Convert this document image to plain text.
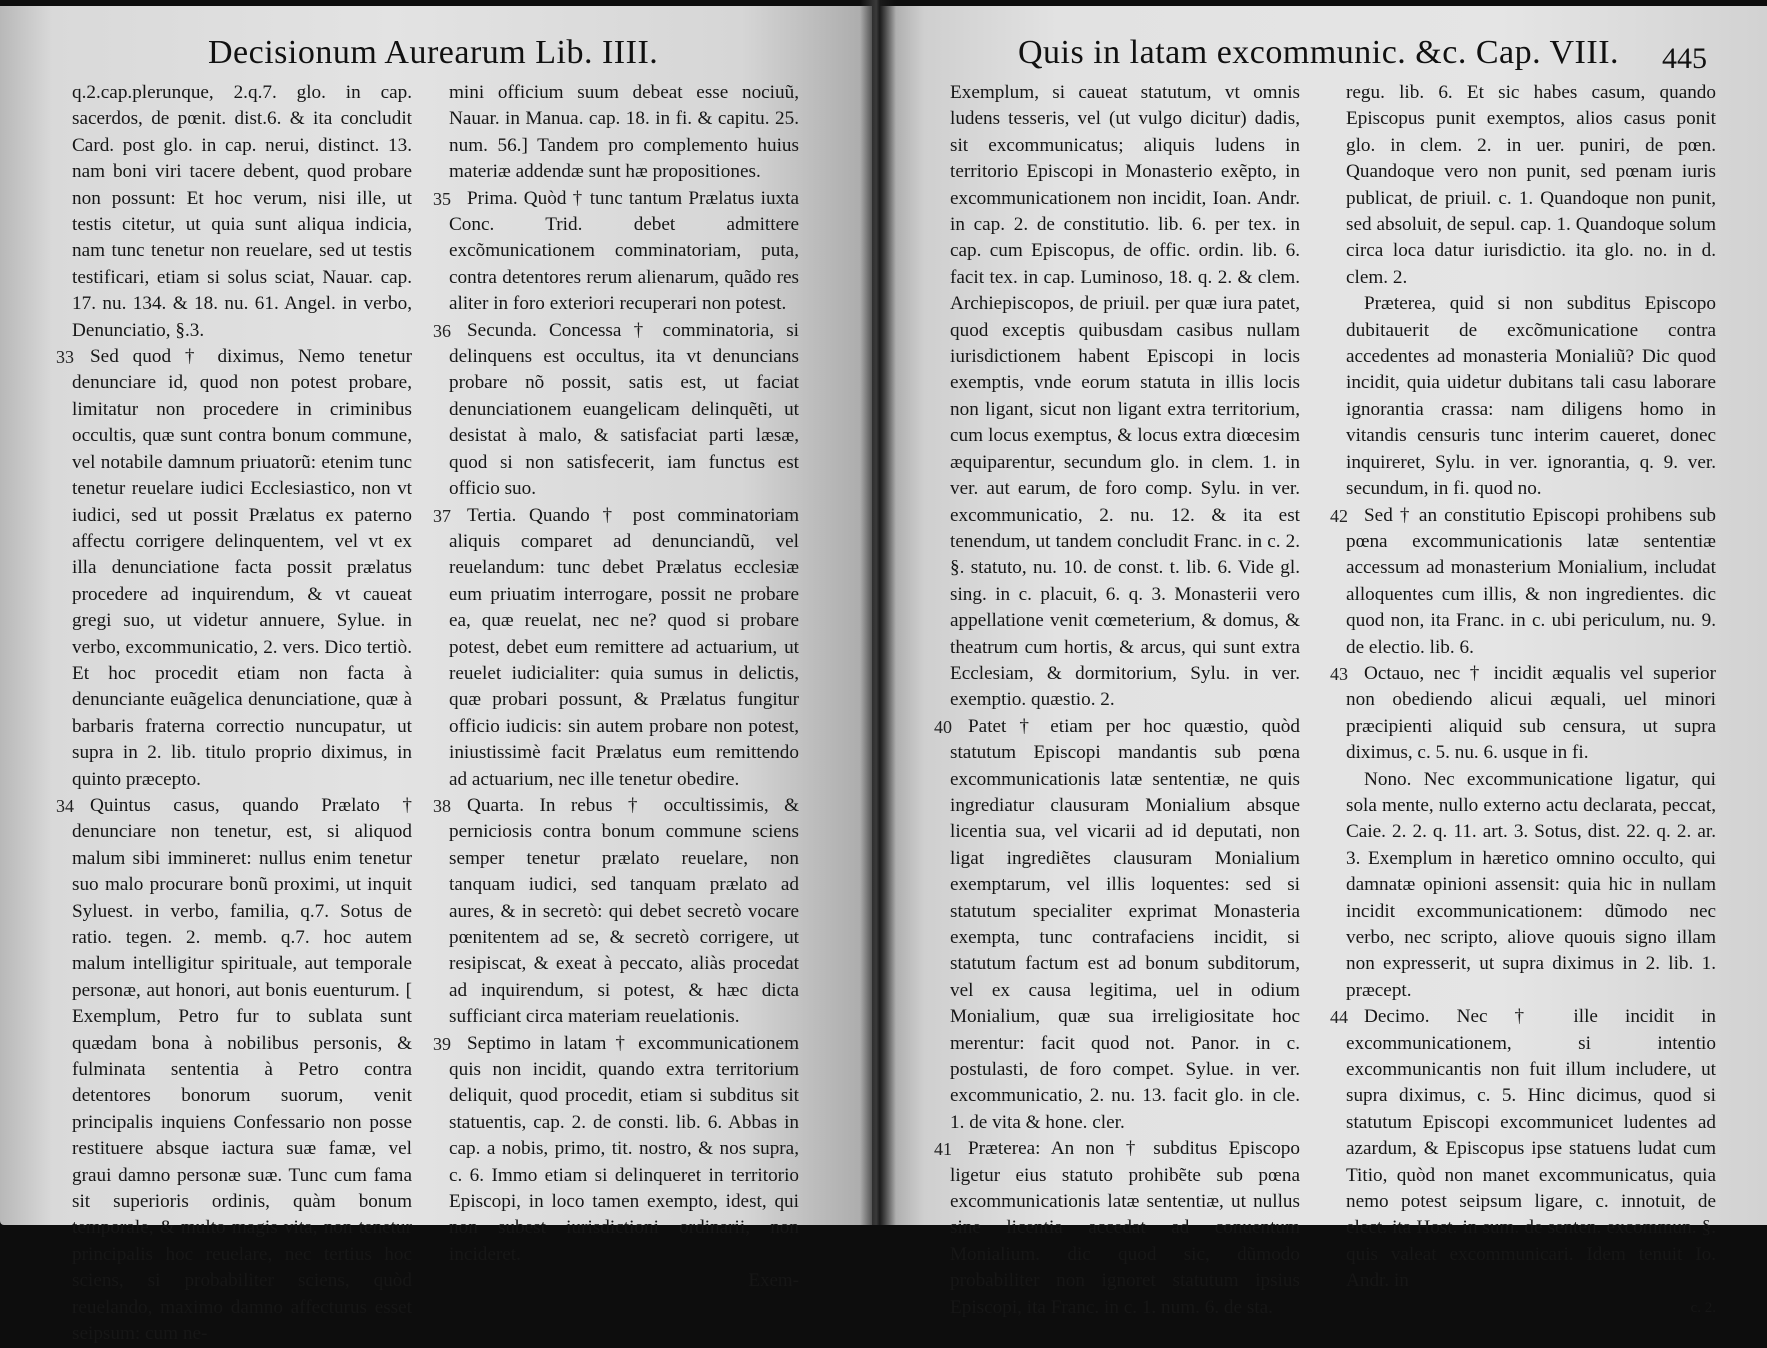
Decisionum Aurearum Lib. IIII.

q.2.cap.plerunque, 2.q.7. glo. in cap. sacerdos, de pœnit. dist.6. & ita concludit Card. post glo. in cap. nerui, distinct. 13. nam boni viri tacere debent, quod probare non possunt: Et hoc verum, nisi ille, ut testis citetur, ut quia sunt aliqua indicia, nam tunc tenetur non reuelare, sed ut testis testificari, etiam si solus sciat, Nauar. cap. 17. nu. 134. & 18. nu. 61. Angel. in verbo, Denunciatio, §.3.

33 Sed quod † diximus, Nemo tenetur denunciare id, quod non potest probare, limitatur non procedere in criminibus occultis, quæ sunt contra bonum commune, vel notabile damnum priuatorũ: etenim tunc tenetur reuelare iudici Ecclesiastico, non vt iudici, sed ut possit Prælatus ex paterno affectu corrigere delinquentem, vel vt ex illa denunciatione facta possit prælatus procedere ad inquirendum, & vt caueat gregi suo, ut videtur annuere, Sylue. in verbo, excommunicatio, 2. vers. Dico tertiò. Et hoc procedit etiam non facta à denunciante euãgelica denunciatione, quæ à barbaris fraterna correctio nuncupatur, ut supra in 2. lib. titulo proprio diximus, in quinto præcepto.

34 Quintus casus, quando Prælato † denunciare non tenetur, est, si aliquod malum sibi immineret: nullus enim tenetur suo malo procurare bonũ proximi, ut inquit Syluest. in verbo, familia, q.7. Sotus de ratio. tegen. 2. memb. q.7. hoc autem malum intelligitur spirituale, aut temporale personæ, aut honori, aut bonis euenturum. [ Exemplum, Petro fur to sublata sunt quædam bona à nobilibus personis, & fulminata sententia à Petro contra detentores bonorum suorum, venit principalis inquiens Confessario non posse restituere absque iactura suæ famæ, vel graui damno personæ suæ. Tunc cum fama sit superioris ordinis, quàm bonum temporale, & multo magis vita, non tenetur principalis hoc reuelare, nec tertius hoc sciens, si probabiliter sciens, quòd reuelando, maximo damno affecturus esset seipsum: cum ne-

mini officium suum debeat esse nociuũ, Nauar. in Manua. cap. 18. in fi. & capitu. 25. num. 56.] Tandem pro complemento huius materiæ addendæ sunt hæ propositiones.

35 Prima. Quòd † tunc tantum Prælatus iuxta Conc. Trid. debet admittere excõmunicationem comminatoriam, puta, contra detentores rerum alienarum, quãdo res aliter in foro exteriori recuperari non potest.

36 Secunda. Concessa † comminatoria, si delinquens est occultus, ita vt denuncians probare nõ possit, satis est, ut faciat denunciationem euangelicam delinquẽti, ut desistat à malo, & satisfaciat parti læsæ, quod si non satisfecerit, iam functus est officio suo.

37 Tertia. Quando † post comminatoriam aliquis comparet ad denunciandũ, vel reuelandum: tunc debet Prælatus ecclesiæ eum priuatim interrogare, possit ne probare ea, quæ reuelat, nec ne? quod si probare potest, debet eum remittere ad actuarium, ut reuelet iudicialiter: quia sumus in delictis, quæ probari possunt, & Prælatus fungitur officio iudicis: sin autem probare non potest, iniustissimè facit Prælatus eum remittendo ad actuarium, nec ille tenetur obedire.

38 Quarta. In rebus † occultissimis, & perniciosis contra bonum commune sciens semper tenetur prælato reuelare, non tanquam iudici, sed tanquam prælato ad aures, & in secretò: qui debet secretò vocare pœnitentem ad se, & secretò corrigere, ut resipiscat, & exeat à peccato, aliàs procedat ad inquirendum, si potest, & hæc dicta sufficiant circa materiam reuelationis.

39 Septimo in latam † excommunicationem quis non incidit, quando extra territorium deliquit, quod procedit, etiam si subditus sit statuentis, cap. 2. de consti. lib. 6. Abbas in cap. a nobis, primo, tit. nostro, & nos supra, c. 6. Immo etiam si delinqueret in territorio Episcopi, in loco tamen exempto, idest, qui non subest iurisdictioni ordinarii, non incideret.

Exem-
Quis in latam excommunic. &c. Cap. VIII. 445

Exemplum, si caueat statutum, vt omnis ludens tesseris, vel (ut vulgo dicitur) dadis, sit excommunicatus; aliquis ludens in territorio Episcopi in Monasterio exẽpto, in excommunicationem non incidit, Ioan. Andr. in cap. 2. de constitutio. lib. 6. per tex. in cap. cum Episcopus, de offic. ordin. lib. 6. facit tex. in cap. Luminoso, 18. q. 2. & clem. Archiepiscopos, de priuil. per quæ iura patet, quod exceptis quibusdam casibus nullam iurisdictionem habent Episcopi in locis exemptis, vnde eorum statuta in illis locis non ligant, sicut non ligant extra territorium, cum locus exemptus, & locus extra diœcesim æquiparentur, secundum glo. in clem. 1. in ver. aut earum, de foro comp. Sylu. in ver. excommunicatio, 2. nu. 12. & ita est tenendum, ut tandem concludit Franc. in c. 2. §. statuto, nu. 10. de const. t. lib. 6. Vide gl. sing. in c. placuit, 6. q. 3. Monasterii vero appellatione venit cœmeterium, & domus, & theatrum cum hortis, & arcus, qui sunt extra Ecclesiam, & dormitorium, Sylu. in ver. exemptio. quæstio. 2.

40 Patet † etiam per hoc quæstio, quòd statutum Episcopi mandantis sub pœna excommunicationis latæ sententiæ, ne quis ingrediatur clausuram Monialium absque licentia sua, vel vicarii ad id deputati, non ligat ingrediẽtes clausuram Monialium exemptarum, vel illis loquentes: sed si statutum specialiter exprimat Monasteria exempta, tunc contrafaciens incidit, si statutum factum est ad bonum subditorum, vel ex causa legitima, uel in odium Monialium, quæ sua irreligiositate hoc merentur: facit quod not. Panor. in c. postulasti, de foro compet. Sylue. in ver. excommunicatio, 2. nu. 13. facit glo. in cle. 1. de vita & hone. cler.

41 Præterea: An non † subditus Episcopo ligetur eius statuto prohibẽte sub pœna excommunicationis latæ sententiæ, ut nullus sine licentia accedat ad conuentum Monialium. dic quod sic, dũmodo probabiliter non ignoret statutum ipsius Episcopi, ita Franc. in c. 1. num. 6. de sta.

regu. lib. 6. Et sic habes casum, quando Episcopus punit exemptos, alios casus ponit glo. in clem. 2. in uer. puniri, de pœn. Quandoque vero non punit, sed pœnam iuris publicat, de priuil. c. 1. Quandoque non punit, sed absoluit, de sepul. cap. 1. Quandoque solum circa loca datur iurisdictio. ita glo. no. in d. clem. 2.

Præterea, quid si non subditus Episcopo dubitauerit de excõmunicatione contra accedentes ad monasteria Monialiũ? Dic quod incidit, quia uidetur dubitans tali casu laborare ignorantia crassa: nam diligens homo in vitandis censuris tunc interim caueret, donec inquireret, Sylu. in ver. ignorantia, q. 9. ver. secundum, in fi. quod no.

42 Sed † an constitutio Episcopi prohibens sub pœna excommunicationis latæ sententiæ accessum ad monasterium Monialium, includat alloquentes cum illis, & non ingredientes. dic quod non, ita Franc. in c. ubi periculum, nu. 9. de electio. lib. 6.

43 Octauo, nec † incidit æqualis vel superior non obediendo alicui æquali, uel minori præcipienti aliquid sub censura, ut supra diximus, c. 5. nu. 6. usque in fi.

Nono. Nec excommunicatione ligatur, qui sola mente, nullo externo actu declarata, peccat, Caie. 2. 2. q. 11. art. 3. Sotus, dist. 22. q. 2. ar. 3. Exemplum in hæretico omnino occulto, qui damnatæ opinioni assensit: quia hic in nullam incidit excommunicationem: dũmodo nec verbo, nec scripto, aliove quouis signo illam non expresserit, ut supra diximus in 2. lib. 1. præcept.

44 Decimo. Nec † ille incidit in excommunicationem, si intentio excommunicantis non fuit illum includere, ut supra diximus, c. 5. Hinc dicimus, quod si statutum Episcopi excommunicet ludentes ad azardum, & Episcopus ipse statuens ludat cum Titio, quòd non manet excommunicatus, quia nemo potest seipsum ligare, c. innotuit, de elect. ita Host. in sum. de senten. excommun. §. quis valeat excommunicari. Idem tenuit Io. Andr. in

c. 2.
